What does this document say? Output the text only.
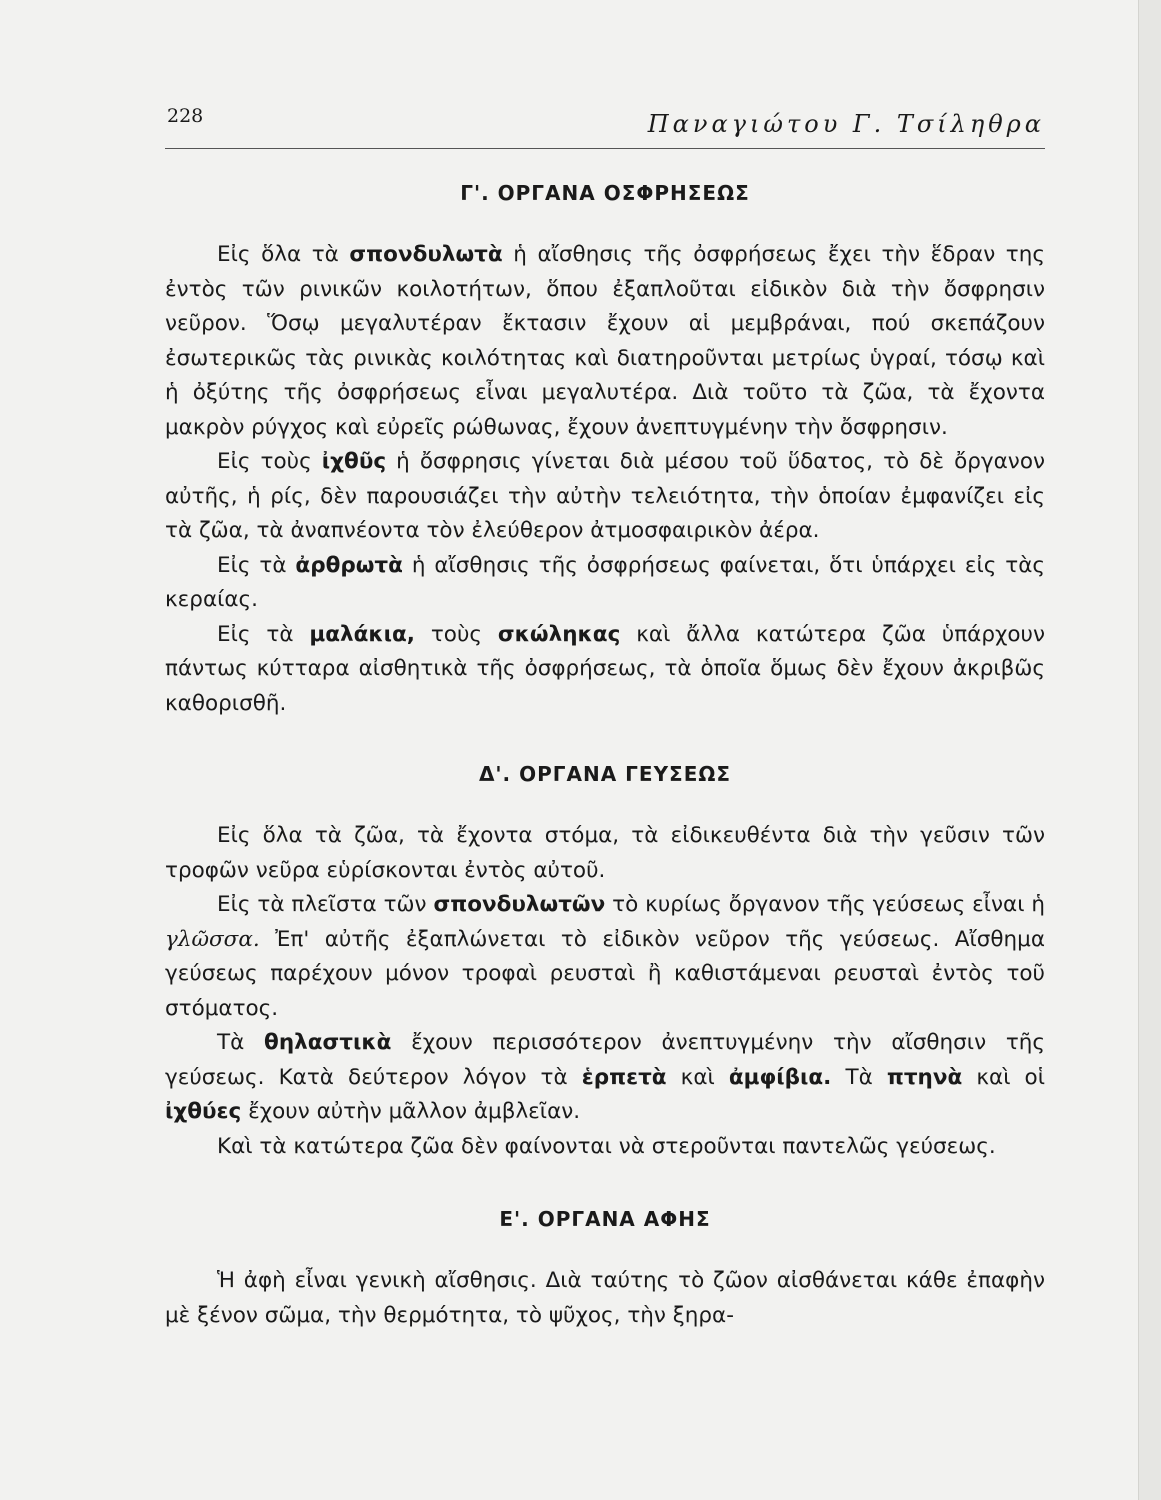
228	Παναγιώτου Γ. Τσίληθρα
Γ'. ΟΡΓΑΝΑ ΟΣΦΡΗΣΕΩΣ

Εἰς ὅλα τὰ σπονδυλωτὰ ἡ αἴσθησις τῆς ὀσφρήσεως ἔχει τὴν ἕδραν της ἐντὸς τῶν ρινικῶν κοιλοτήτων, ὅπου ἐξαπλοῦται εἰδικὸν διὰ τὴν ὄσφρησιν νεῦρον. Ὅσῳ μεγαλυτέραν ἔκτασιν ἔχουν αἱ μεμβράναι, πού σκεπάζουν ἐσωτερικῶς τὰς ρινικὰς κοιλότητας καὶ διατηροῦνται μετρίως ὑγραί, τόσῳ καὶ ἡ ὀξύτης τῆς ὀσφρήσεως εἶναι μεγαλυτέρα. Διὰ τοῦτο τὰ ζῶα, τὰ ἔχοντα μακρὸν ρύγχος καὶ εὐρεῖς ρώθωνας, ἔχουν ἀνεπτυγμένην τὴν ὄσφρησιν.

Εἰς τοὺς ἰχθῦς ἡ ὄσφρησις γίνεται διὰ μέσου τοῦ ὕδατος, τὸ δὲ ὄργανον αὐτῆς, ἡ ρίς, δὲν παρουσιάζει τὴν αὐτὴν τελειότητα, τὴν ὁποίαν ἐμφανίζει εἰς τὰ ζῶα, τὰ ἀναπνέοντα τὸν ἐλεύθερον ἀτμοσφαιρικὸν ἀέρα.

Εἰς τὰ ἀρθρωτὰ ἡ αἴσθησις τῆς ὀσφρήσεως φαίνεται, ὅτι ὑπάρχει εἰς τὰς κεραίας.

Εἰς τὰ μαλάκια, τοὺς σκώληκας καὶ ἄλλα κατώτερα ζῶα ὑπάρχουν πάντως κύτταρα αἰσθητικὰ τῆς ὀσφρήσεως, τὰ ὁποῖα ὅμως δὲν ἔχουν ἀκριβῶς καθορισθῆ.

Δ'. ΟΡΓΑΝΑ ΓΕΥΣΕΩΣ

Εἰς ὅλα τὰ ζῶα, τὰ ἔχοντα στόμα, τὰ εἰδικευθέντα διὰ τὴν γεῦσιν τῶν τροφῶν νεῦρα εὑρίσκονται ἐντὸς αὐτοῦ.

Εἰς τὰ πλεῖστα τῶν σπονδυλωτῶν τὸ κυρίως ὄργανον τῆς γεύσεως εἶναι ἡ γλῶσσα. Ἐπ' αὐτῆς ἐξαπλώνεται τὸ εἰδικὸν νεῦρον τῆς γεύσεως. Αἴσθημα γεύσεως παρέχουν μόνον τροφαὶ ρευσταὶ ἢ καθιστάμεναι ρευσταὶ ἐντὸς τοῦ στόματος.

Τὰ θηλαστικὰ ἔχουν περισσότερον ἀνεπτυγμένην τὴν αἴσθησιν τῆς γεύσεως. Κατὰ δεύτερον λόγον τὰ ἑρπετὰ καὶ ἀμφίβια. Τὰ πτηνὰ καὶ οἱ ἰχθύες ἔχουν αὐτὴν μᾶλλον ἀμβλεῖαν.

Καὶ τὰ κατώτερα ζῶα δὲν φαίνονται νὰ στεροῦνται παντελῶς γεύσεως.

Ε'. ΟΡΓΑΝΑ ΑΦΗΣ

Ἡ ἀφὴ εἶναι γενικὴ αἴσθησις. Διὰ ταύτης τὸ ζῶον αἰσθάνεται κάθε ἐπαφὴν μὲ ξένον σῶμα, τὴν θερμότητα, τὸ ψῦχος, τὴν ξηρα-
